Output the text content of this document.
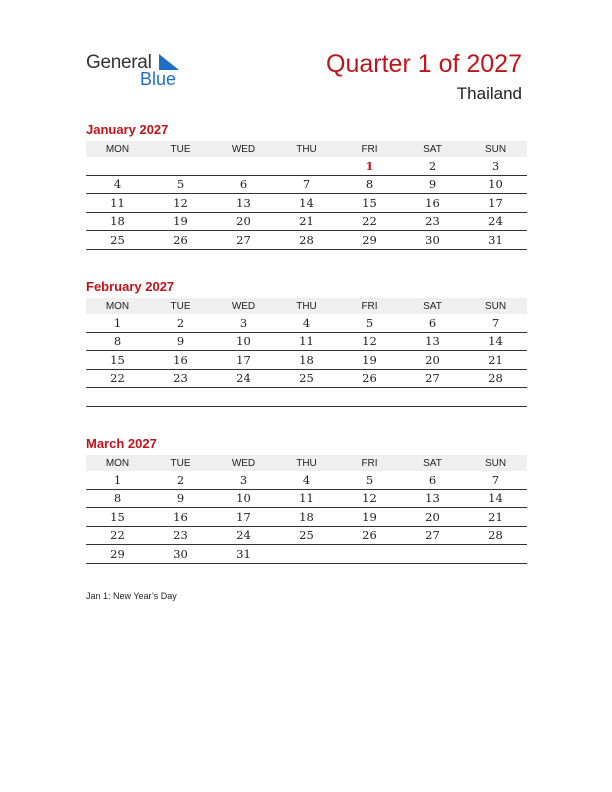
General
Blue
Quarter 1 of 2027
Thailand
January 2027
MON	TUE	WED	THU	FRI	SAT	SUN
				1	2	3
4	5	6	7	8	9	10
11	12	13	14	15	16	17
18	19	20	21	22	23	24
25	26	27	28	29	30	31
February 2027
MON	TUE	WED	THU	FRI	SAT	SUN
1	2	3	4	5	6	7
8	9	10	11	12	13	14
15	16	17	18	19	20	21
22	23	24	25	26	27	28

March 2027
MON	TUE	WED	THU	FRI	SAT	SUN
1	2	3	4	5	6	7
8	9	10	11	12	13	14
15	16	17	18	19	20	21
22	23	24	25	26	27	28
29	30	31				
Jan 1: New Year’s Day
